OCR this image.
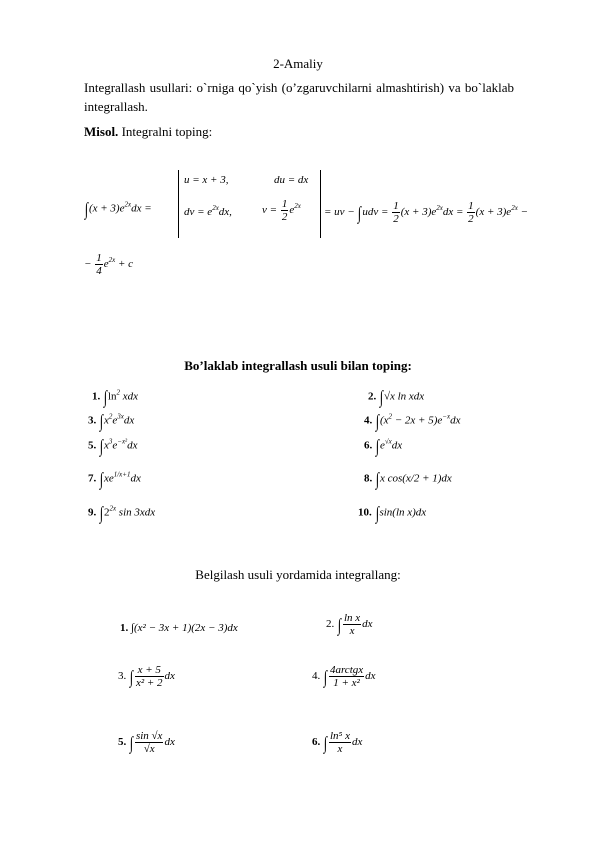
2-Amaliy
Integrallash usullari: o`rniga qo`yish (o’zgaruvchilarni almashtirish) va bo`laklab
integrallash.
Misol. Integralni toping:
$\int(x + 3)e^{2x}dx$ =
u = x + 3,	du = dx
dv = $e^{2x}dx$,	$v = \frac{1}{2} e^{2x}$ = uv − $\int udv = \frac{1}{2} (x + 3)e^{2x}dx = \frac{1}{2} (x + 3)e^{2x}$ −
− $\frac{1}{4} e^{2x} + c$
Bo’laklab integrallash usuli bilan toping:
1. $\int\ln^2$ xdx	2. ∫√x ln xdx
3. $\int x^2e^{3x}dx$	4. $\int(x^2 - 2x + 5)e^{-x}dx$
5. $\int x^3e^{-x^2}dx$	6. $\int e^{√x}dx$
7. $\int xe^{1/x+1}dx$	8. ∫x cos(x/2 + 1)dx
9. $\int 2^{2x}$ sin 3xdx	10. ∫sin(ln x)dx
Belgilash usuli yordamida integrallang:
1. ∫(x² − 3x + 1)(2x − 3)dx	2. ∫ $\frac{\text{ln x}}{x}$ dx
3. ∫ $\frac{x + 5}{\text{x² + 2}}$ dx	4. ∫ $\frac{\text{4arctgx}}{\text{1 + x²}}$ dx
5. ∫ $\frac{\sin √x}{√x}$ dx	6. ∫ $\frac{\text{ln⁵ x}}{x}$ dx
